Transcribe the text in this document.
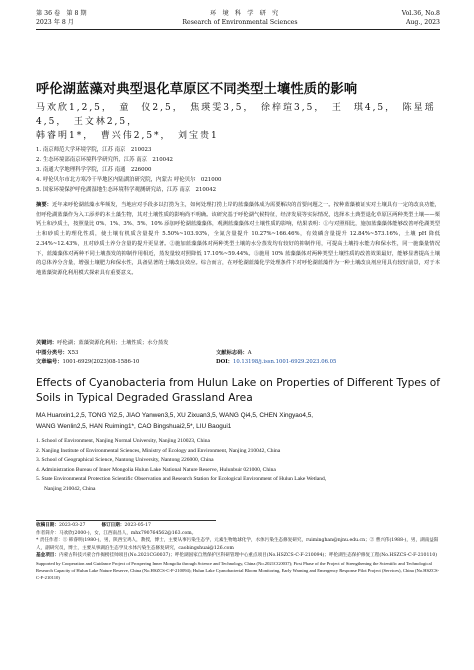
第 36 卷　第 8 期	环　境　科　学　研　究	Vol.36, No.8
2023 年 8 月	Research of Environmental Sciences	Aug., 2023
呼伦湖蓝藻对典型退化草原区不同类型土壤性质的影响
马欢欣1,2,5，　童　仪2,5，　焦瑛雯3,5，　徐梓瑄3,5，　王　琪4,5，　陈星瑶4,5，　王文林2,5，
韩睿明1*，　曹兴伟2,5*，　刘宝贵1
1. 南京师范大学环境学院，江苏 南京　210023
2. 生态环境部南京环境科学研究所，江苏 南京　210042
3. 南通大学地理科学学院，江苏 南通　226000
4. 呼伦贝尔市北方寒冷干旱地区内陆湖泊研究院，内蒙古 呼伦贝尔　021000
5. 国家环境保护呼伦湖湿地生态环境科学观测研究站，江苏 南京　210042
摘要：近年来呼伦湖蓝藻水华频发，当地应对手段多以打捞为主，如何处理打捞上岸的蓝藻藻体成为需要解决的首要问题之一。按种蓝藻被证实对土壤具有一定的改良功能，但呼伦湖蓝藻作为入工添养的本土藻生物，其对土壤性质的影响尚不明确。该研究基于呼伦湖气候特征，经济发展等实际情况，选择本土典型退化草原区两种类型土壤——栗钙土和沙质土，按照量比 0%、1%、3%、5%、10% 添加呼伦湖蓝藻藻体，观测蓝藻藻体对土壤性质的影响，结果表明：①与对照相比，施加蓝藻藻体能够改善呼伦湖类型土和砂质土的理化性质，使土壤有机质含量提升 5.50%~103.93%，全氮含量提升 10.27%~166.46%，有效磷含量提升 12.84%~573.16%，土壤 pH 降低 2.34%~12.43%，且对砂质土养分含量的提升更显著。②施加蓝藻藻体对两种类型土壤的水分蒸发均有较好的抑制作用，可提高土壤持水能力和保水性，同一施藻量情况下，蓝藻藻体对两种不同土壤蒸发的抑制作用相近，蒸发量较对照降低 17.10%~59.44%。③施用 10% 蓝藻藻体对两种类型土壤性质的改善效果最好，能够显著提高土壤的总体养分含量，增强土壤肥力和保水性，具备显著的土壤改良效应。综合而言，在呼伦湖蓝藻化学处理条件下对呼伦湖蓝藻作为一种土壤改良剂应用具有较好前景，对于本地蓝藻资源化利用模式探索具有重要意义。
关键词：呼伦湖；蓝藻资源化利用；土壤性质；水分蒸发
中图分类号：X53	文献标志码：A
文章编号：1001-6929(2023)08-1586-10	DOI：10.13198/j.issn.1001-6929.2023.06.05
Effects of Cyanobacteria from Hulun Lake on Properties of Different Types of Soils in Typical Degraded Grassland Area
MA Huanxin1,2,5, TONG Yi2,5, JIAO Yanwen3,5, XU Zixuan3,5, WANG Qi4,5, CHEN Xingyao4,5,
WANG Wenlin2,5, HAN Ruiming1*, CAO Bingshuai2,5*, LIU Baogui1
1. School of Environment, Nanjing Normal University, Nanjing 210023, China
2. Nanjing Institute of Environmental Sciences, Ministry of Ecology and Environment, Nanjing 210042, China
3. School of Geographical Science, Nantong University, Nantong 226000, China
4. Administration Bureau of Inner Mongolia Hulun Lake National Nature Reserve, Hulunbuir 021000, China
5. State Environmental Protection Scientific Observation and Research Station for Ecological Environment of Hulun Lake Wetland,
Nanjing 210042, China
收稿日期：2023-03-27	修订日期：2023-05-17
作者简介：马欢欣(2000-)，女，江西南昌人，mhx790764562@163.com。
* 责任作者：① 韩睿明(1980-)，男，陕西宝鸡人，教授，博士，主要从事污染生态学，元素生物地球化学，水体污染生态修复研究，ruiminghan@njnu.edu.cn；② 曹兴伟(1988-)，男，湖南益阳人，副研究员，博士，主要从事湖泊生态学及水体污染生态修复研究，caobingshuai@126.com
基金项目：内蒙古科技兴蒙合作揭榜挂帅项目(No.2021CG0037)；呼伦湖国家自然保护区科研管理中心重点项目(No.HSZCS-C-F-210094)；呼伦湖生态保护修复工程(No.HSZCS-C-F-210110)
Supported by Cooperation and Guidance Project of Prospering Inner Mongolia through Science and Technology, China (No.2021CG0037); First Phase of the Project of Strengthening the Scientific and Technological Research Capacity of Hulun Lake Nature Reserve, China (No.HSZCS-C-F-210094); Hulun Lake Cyanobacterial Bloom Monitoring, Early Warning and Emergency Response Pilot Project (Services), China (No.HSZCS-C-F-210110)
